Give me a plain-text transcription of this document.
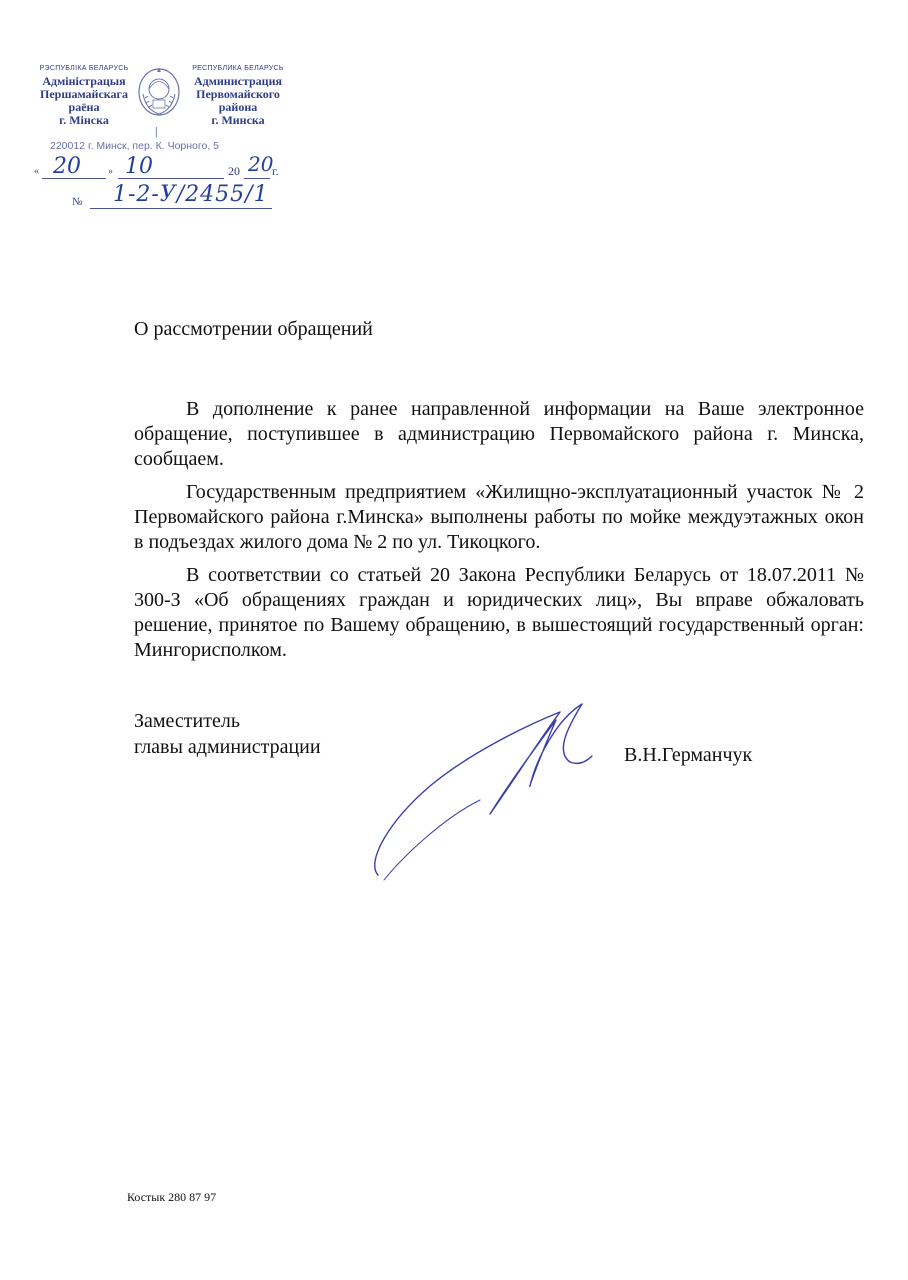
РЭСПУБЛІКА БЕЛАРУСЬ
Адміністрацыя
Першамайскага
раёна
г. Мінска
РЕСПУБЛИКА БЕЛАРУСЬ
Администрация
Первомайского
района
г. Минска
|
220012 г. Минск, пер. К. Чорного, 5
«	»	20	г.
20 10	20
№ 1-2-У/2455/1
О рассмотрении обращений

В дополнение к ранее направленной информации на Ваше электронное обращение, поступившее в администрацию Первомайского района г. Минска, сообщаем.

Государственным предприятием «Жилищно-эксплуатационный участок № 2 Первомайского района г.Минска» выполнены работы по мойке междуэтажных окон в подъездах жилого дома № 2 по ул. Тикоцкого.

В соответствии со статьей 20 Закона Республики Беларусь от 18.07.2011 № 300-З «Об обращениях граждан и юридических лиц», Вы вправе обжаловать решение, принятое по Вашему обращению, в вышестоящий государственный орган: Мингорисполком.

Заместитель
главы администрации	В.Н.Германчук
Костык 280 87 97
